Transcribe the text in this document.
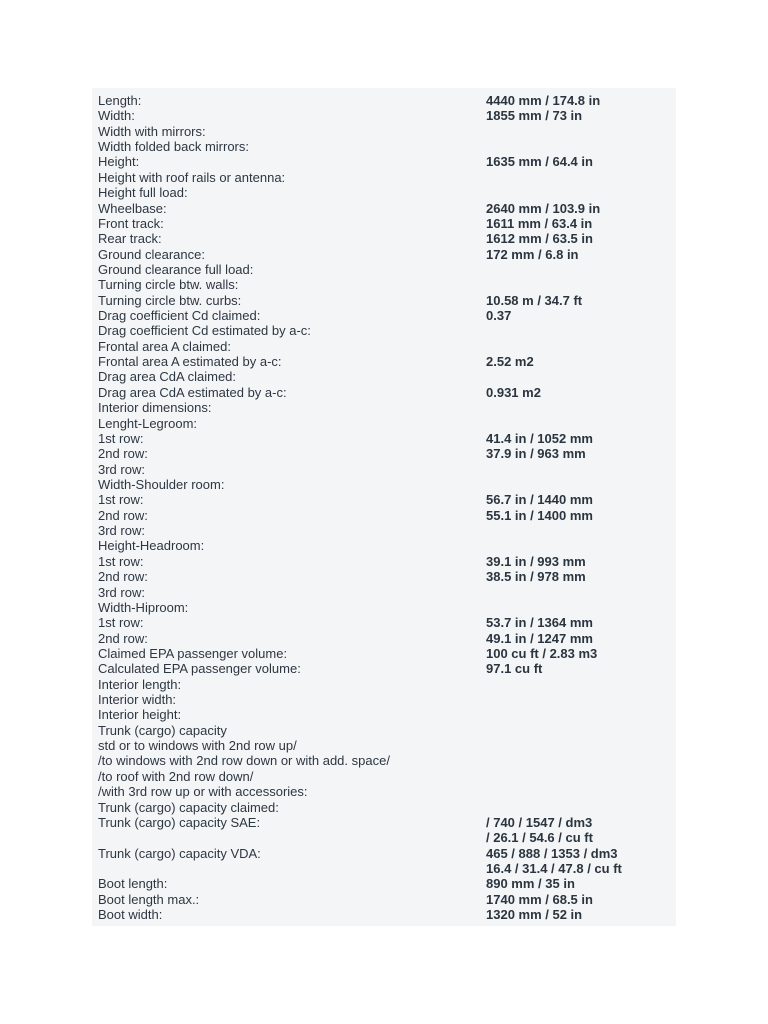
Length:	4440 mm / 174.8 in
Width:	1855 mm / 73 in
Width with mirrors:
Width folded back mirrors:
Height:	1635 mm / 64.4 in
Height with roof rails or antenna:
Height full load:
Wheelbase:	2640 mm / 103.9 in
Front track:	1611 mm / 63.4 in
Rear track:	1612 mm / 63.5 in
Ground clearance:	172 mm / 6.8 in
Ground clearance full load:
Turning circle btw. walls:
Turning circle btw. curbs:	10.58 m / 34.7 ft
Drag coefficient Cd claimed:	0.37
Drag coefficient Cd estimated by a-c:
Frontal area A claimed:
Frontal area A estimated by a-c:	2.52 m2
Drag area CdA claimed:
Drag area CdA estimated by a-c:	0.931 m2
Interior dimensions:
Lenght-Legroom:
1st row:	41.4 in / 1052 mm
2nd row:	37.9 in / 963 mm
3rd row:
Width-Shoulder room:
1st row:	56.7 in / 1440 mm
2nd row:	55.1 in / 1400 mm
3rd row:
Height-Headroom:
1st row:	39.1 in / 993 mm
2nd row:	38.5 in / 978 mm
3rd row:
Width-Hiproom:
1st row:	53.7 in / 1364 mm
2nd row:	49.1 in / 1247 mm
Claimed EPA passenger volume:	100 cu ft / 2.83 m3
Calculated EPA passenger volume:	97.1 cu ft
Interior length:
Interior width:
Interior height:
Trunk (cargo) capacity
std or to windows with 2nd row up/
/to windows with 2nd row down or with add. space/
/to roof with 2nd row down/
/with 3rd row up or with accessories:
Trunk (cargo) capacity claimed:
Trunk (cargo) capacity SAE:	/ 740 / 1547 / dm3
/ 26.1 / 54.6 / cu ft
Trunk (cargo) capacity VDA:	465 / 888 / 1353 / dm3
16.4 / 31.4 / 47.8 / cu ft
Boot length:	890 mm / 35 in
Boot length max.:	1740 mm / 68.5 in
Boot width:	1320 mm / 52 in
